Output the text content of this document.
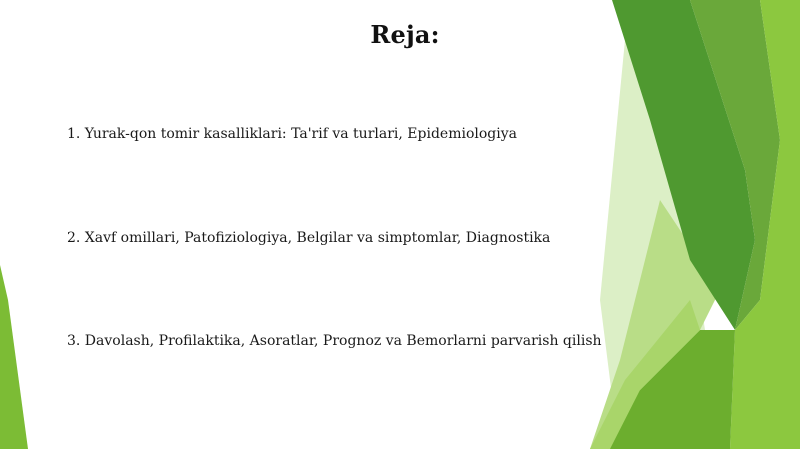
Reja:
1. Yurak-qon tomir kasalliklari: Ta'rif va turlari, Epidemiologiya
2. Xavf omillari, Patofiziologiya, Belgilar va simptomlar, Diagnostika
3. Davolash, Profilaktika, Asoratlar, Prognoz va Bemorlarni parvarish qilish
